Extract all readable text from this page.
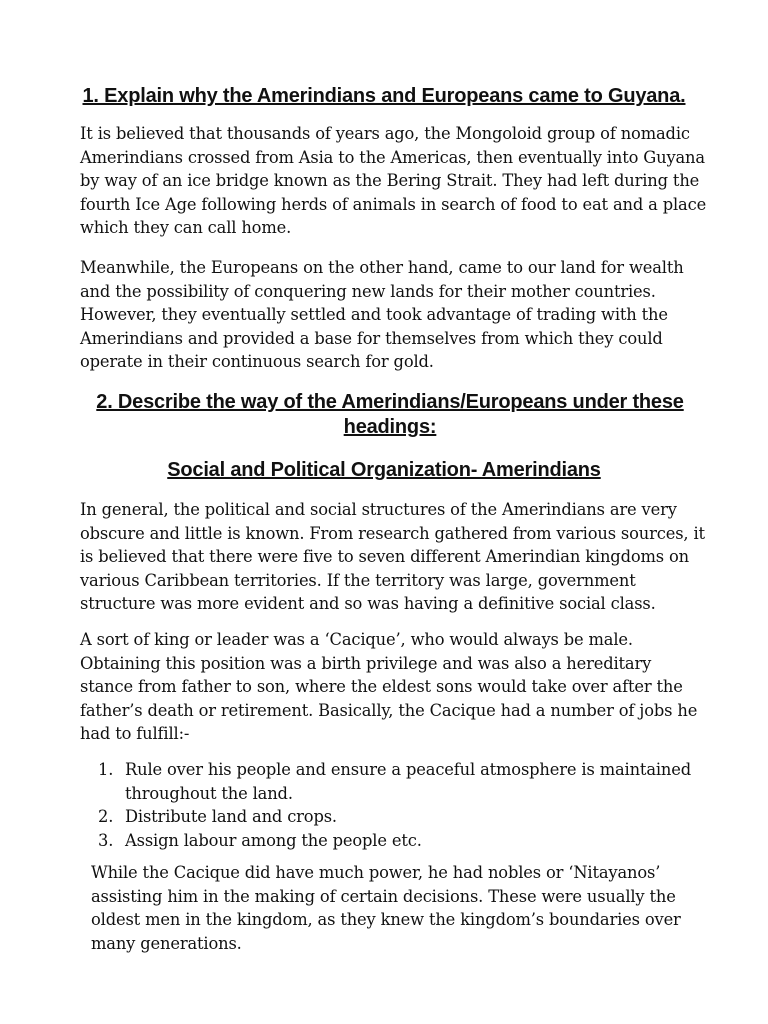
1. Explain why the Amerindians and Europeans came to Guyana.

It is believed that thousands of years ago, the Mongoloid group of nomadic Amerindians crossed from Asia to the Americas, then eventually into Guyana by way of an ice bridge known as the Bering Strait. They had left during the fourth Ice Age following herds of animals in search of food to eat and a place which they can call home.

Meanwhile, the Europeans on the other hand, came to our land for wealth and the possibility of conquering new lands for their mother countries. However, they eventually settled and took advantage of trading with the Amerindians and provided a base for themselves from which they could operate in their continuous search for gold.

2. Describe the way of the Amerindians/Europeans under these headings:
Social and Political Organization- Amerindians

In general, the political and social structures of the Amerindians are very obscure and little is known. From research gathered from various sources, it is believed that there were five to seven different Amerindian kingdoms on various Caribbean territories. If the territory was large, government structure was more evident and so was having a definitive social class.

A sort of king or leader was a ‘Cacique’, who would always be male. Obtaining this position was a birth privilege and was also a hereditary stance from father to son, where the eldest sons would take over after the father’s death or retirement. Basically, the Cacique had a number of jobs he had to fulfill:-

1. Rule over his people and ensure a peaceful atmosphere is maintained throughout the land.
2. Distribute land and crops.
3. Assign labour among the people etc.

While the Cacique did have much power, he had nobles or ‘Nitayanos’ assisting him in the making of certain decisions. These were usually the oldest men in the kingdom, as they knew the kingdom’s boundaries over many generations.
